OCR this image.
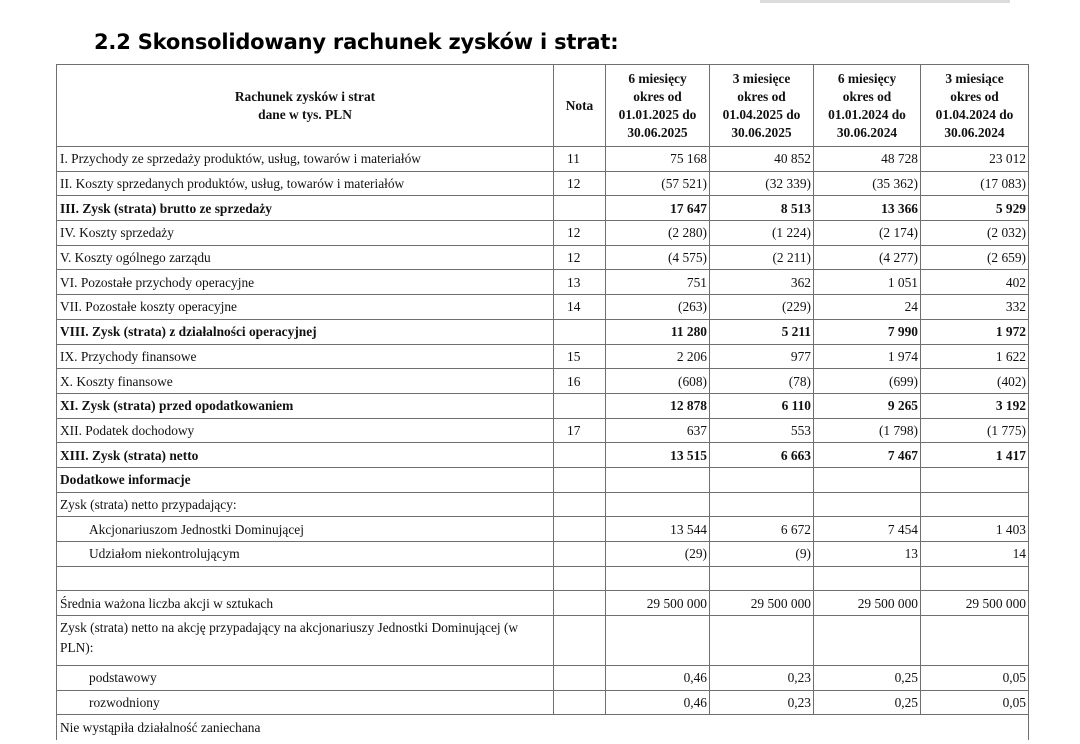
2.2 Skonsolidowany rachunek zysków i strat:
Rachunek zysków i strat
dane w tys. PLN	Nota	6 miesięcy
okres od
01.01.2025 do
30.06.2025	3 miesięce
okres od
01.04.2025 do
30.06.2025	6 miesięcy
okres od
01.01.2024 do
30.06.2024	3 miesiące
okres od
01.04.2024 do
30.06.2024
I. Przychody ze sprzedaży produktów, usług, towarów i materiałów	11	75 168	40 852	48 728	23 012
II. Koszty sprzedanych produktów, usług, towarów i materiałów	12	(57 521)	(32 339)	(35 362)	(17 083)
III. Zysk (strata) brutto ze sprzedaży		17 647	8 513	13 366	5 929
IV. Koszty sprzedaży	12	(2 280)	(1 224)	(2 174)	(2 032)
V. Koszty ogólnego zarządu	12	(4 575)	(2 211)	(4 277)	(2 659)
VI. Pozostałe przychody operacyjne	13	751	362	1 051	402
VII. Pozostałe koszty operacyjne	14	(263)	(229)	24	332
VIII. Zysk (strata) z działalności operacyjnej		11 280	5 211	7 990	1 972
IX. Przychody finansowe	15	2 206	977	1 974	1 622
X. Koszty finansowe	16	(608)	(78)	(699)	(402)
XI. Zysk (strata) przed opodatkowaniem		12 878	6 110	9 265	3 192
XII. Podatek dochodowy	17	637	553	(1 798)	(1 775)
XIII. Zysk (strata) netto		13 515	6 663	7 467	1 417
Dodatkowe informacje					
Zysk (strata) netto przypadający:					
Akcjonariuszom Jednostki Dominującej		13 544	6 672	7 454	1 403
Udziałom niekontrolującym		(29)	(9)	13	14

Średnia ważona liczba akcji w sztukach		29 500 000	29 500 000	29 500 000	29 500 000
Zysk (strata) netto na akcję przypadający na akcjonariuszy Jednostki Dominującej (w PLN):					
podstawowy		0,46	0,23	0,25	0,05
rozwodniony		0,46	0,23	0,25	0,05
Nie wystąpiła działalność zaniechana					
